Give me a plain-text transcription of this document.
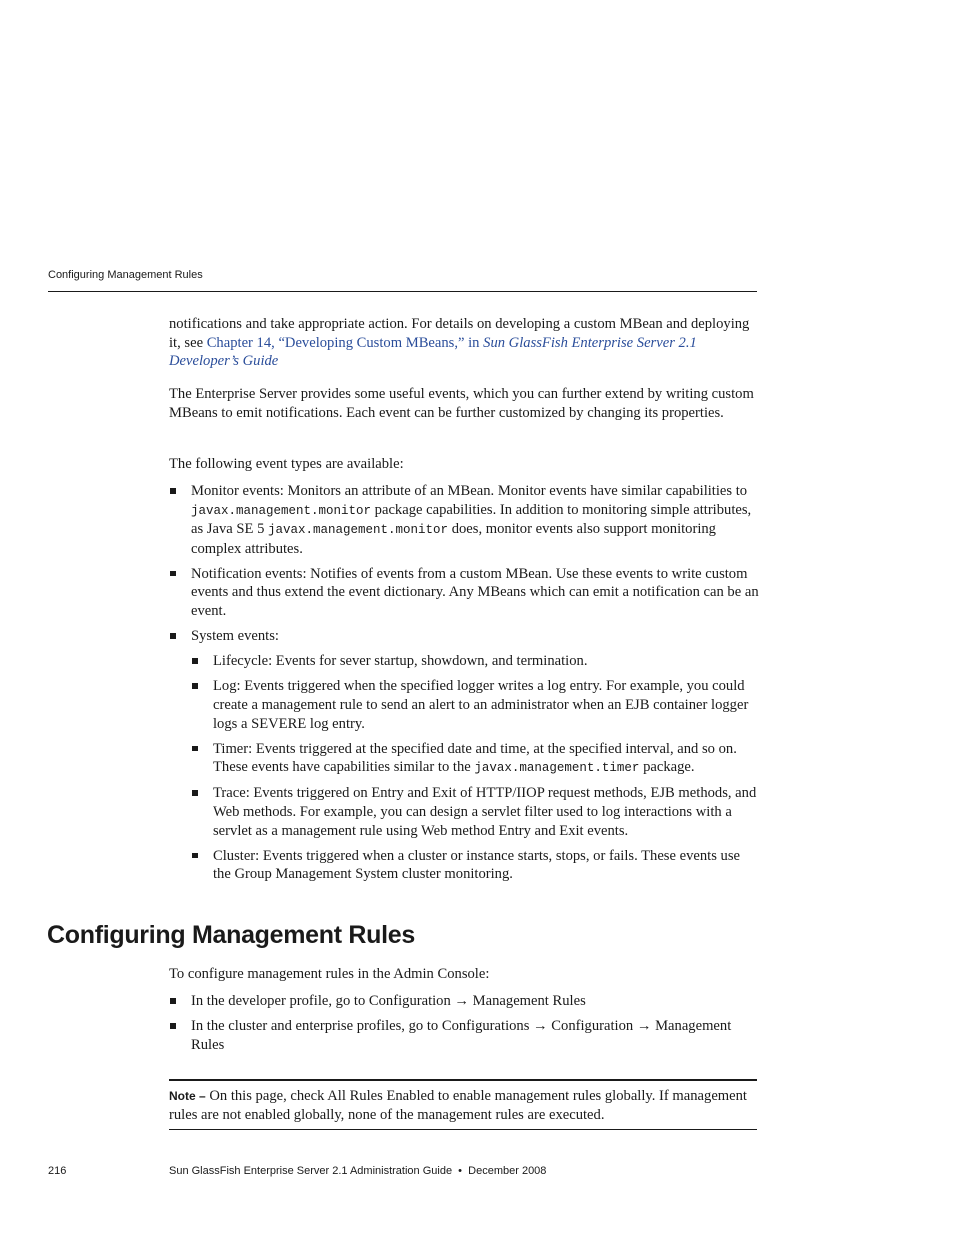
Configuring Management Rules

notifications and take appropriate action. For details on developing a custom MBean and deploying it, see Chapter 14, “Developing Custom MBeans,” in Sun GlassFish Enterprise Server 2.1 Developer’s Guide

The Enterprise Server provides some useful events, which you can further extend by writing custom MBeans to emit notifications. Each event can be further customized by changing its properties.

The following event types are available:

Monitor events: Monitors an attribute of an MBean. Monitor events have similar capabilities to javax.management.monitor package capabilities. In addition to monitoring simple attributes, as Java SE 5 javax.management.monitor does, monitor events also support monitoring complex attributes.
Notification events: Notifies of events from a custom MBean. Use these events to write custom events and thus extend the event dictionary. Any MBeans which can emit a notification can be an event.
System events:
Lifecycle: Events for sever startup, showdown, and termination.
Log: Events triggered when the specified logger writes a log entry. For example, you could create a management rule to send an alert to an administrator when an EJB container logger logs a SEVERE log entry.
Timer: Events triggered at the specified date and time, at the specified interval, and so on. These events have capabilities similar to the javax.management.timer package.
Trace: Events triggered on Entry and Exit of HTTP/IIOP request methods, EJB methods, and Web methods. For example, you can design a servlet filter used to log interactions with a servlet as a management rule using Web method Entry and Exit events.
Cluster: Events triggered when a cluster or instance starts, stops, or fails. These events use the Group Management System cluster monitoring.
Configuring Management Rules

To configure management rules in the Admin Console:

In the developer profile, go to Configuration → Management Rules
In the cluster and enterprise profiles, go to Configurations → Configuration → Management Rules

Note – On this page, check All Rules Enabled to enable management rules globally. If management rules are not enabled globally, none of the management rules are executed.

216	Sun GlassFish Enterprise Server 2.1 Administration Guide  •  December 2008
